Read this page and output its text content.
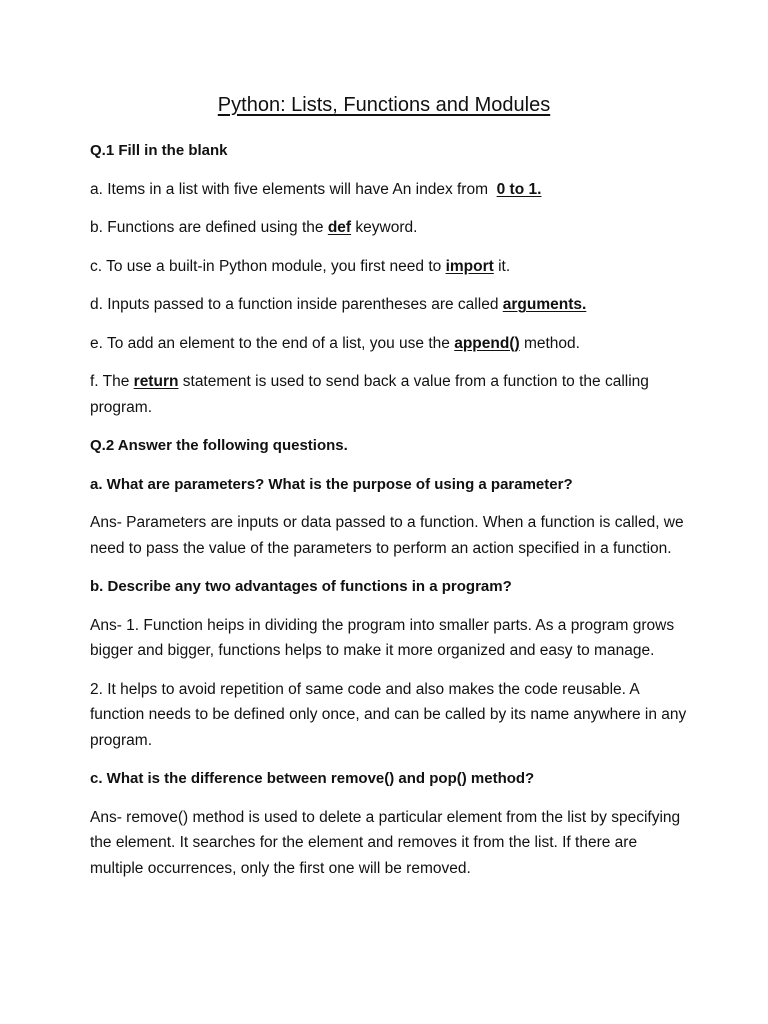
Python: Lists, Functions and Modules

Q.1 Fill in the blank

a. Items in a list with five elements will have An index from  0 to 1.

b. Functions are defined using the def keyword.

c. To use a built-in Python module, you first need to import it.

d. Inputs passed to a function inside parentheses are called arguments.

e. To add an element to the end of a list, you use the append() method.

f. The return statement is used to send back a value from a function to the calling program.

Q.2 Answer the following questions.

a. What are parameters? What is the purpose of using a parameter?

Ans- Parameters are inputs or data passed to a function. When a function is called, we need to pass the value of the parameters to perform an action specified in a function.

b. Describe any two advantages of functions in a program?

Ans- 1. Function heips in dividing the program into smaller parts. As a program grows bigger and bigger, functions helps to make it more organized and easy to manage.

2. It helps to avoid repetition of same code and also makes the code reusable. A function needs to be defined only once, and can be called by its name anywhere in any program.

c. What is the difference between remove() and pop() method?

Ans- remove() method is used to delete a particular element from the list by specifying the element. It searches for the element and removes it from the list. If there are multiple occurrences, only the first one will be removed.
